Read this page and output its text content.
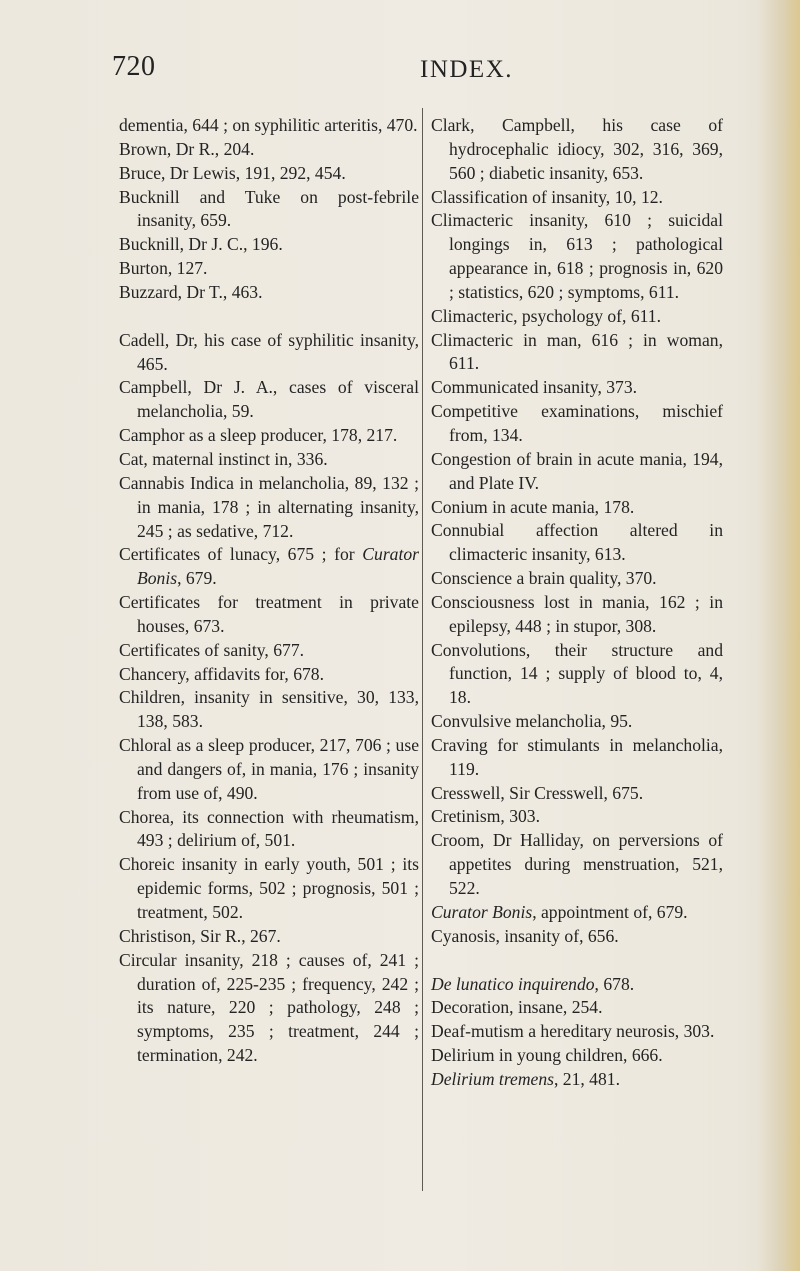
720	INDEX.

dementia, 644 ; on syphilitic arteritis, 470.

Brown, Dr R., 204.

Bruce, Dr Lewis, 191, 292, 454.

Bucknill and Tuke on post-febrile insanity, 659.

Bucknill, Dr J. C., 196.

Burton, 127.

Buzzard, Dr T., 463.

Cadell, Dr, his case of syphilitic insanity, 465.

Campbell, Dr J. A., cases of visceral melancholia, 59.

Camphor as a sleep producer, 178, 217.

Cat, maternal instinct in, 336.

Cannabis Indica in melancholia, 89, 132 ; in mania, 178 ; in alternating insanity, 245 ; as sedative, 712.

Certificates of lunacy, 675 ; for Curator Bonis, 679.

Certificates for treatment in private houses, 673.

Certificates of sanity, 677.

Chancery, affidavits for, 678.

Children, insanity in sensitive, 30, 133, 138, 583.

Chloral as a sleep producer, 217, 706 ; use and dangers of, in mania, 176 ; insanity from use of, 490.

Chorea, its connection with rheumatism, 493 ; delirium of, 501.

Choreic insanity in early youth, 501 ; its epidemic forms, 502 ; prognosis, 501 ; treatment, 502.

Christison, Sir R., 267.

Circular insanity, 218 ; causes of, 241 ; duration of, 225-235 ; frequency, 242 ; its nature, 220 ; pathology, 248 ; symptoms, 235 ; treatment, 244 ; termination, 242.

Clark, Campbell, his case of hydrocephalic idiocy, 302, 316, 369, 560 ; diabetic insanity, 653.

Classification of insanity, 10, 12.

Climacteric insanity, 610 ; suicidal longings in, 613 ; pathological appearance in, 618 ; prognosis in, 620 ; statistics, 620 ; symptoms, 611.

Climacteric, psychology of, 611.

Climacteric in man, 616 ; in woman, 611.

Communicated insanity, 373.

Competitive examinations, mischief from, 134.

Congestion of brain in acute mania, 194, and Plate IV.

Conium in acute mania, 178.

Connubial affection altered in climacteric insanity, 613.

Conscience a brain quality, 370.

Consciousness lost in mania, 162 ; in epilepsy, 448 ; in stupor, 308.

Convolutions, their structure and function, 14 ; supply of blood to, 4, 18.

Convulsive melancholia, 95.

Craving for stimulants in melancholia, 119.

Cresswell, Sir Cresswell, 675.

Cretinism, 303.

Croom, Dr Halliday, on perversions of appetites during menstruation, 521, 522.

Curator Bonis, appointment of, 679.

Cyanosis, insanity of, 656.

De lunatico inquirendo, 678.

Decoration, insane, 254.

Deaf-mutism a hereditary neurosis, 303.

Delirium in young children, 666.

Delirium tremens, 21, 481.
